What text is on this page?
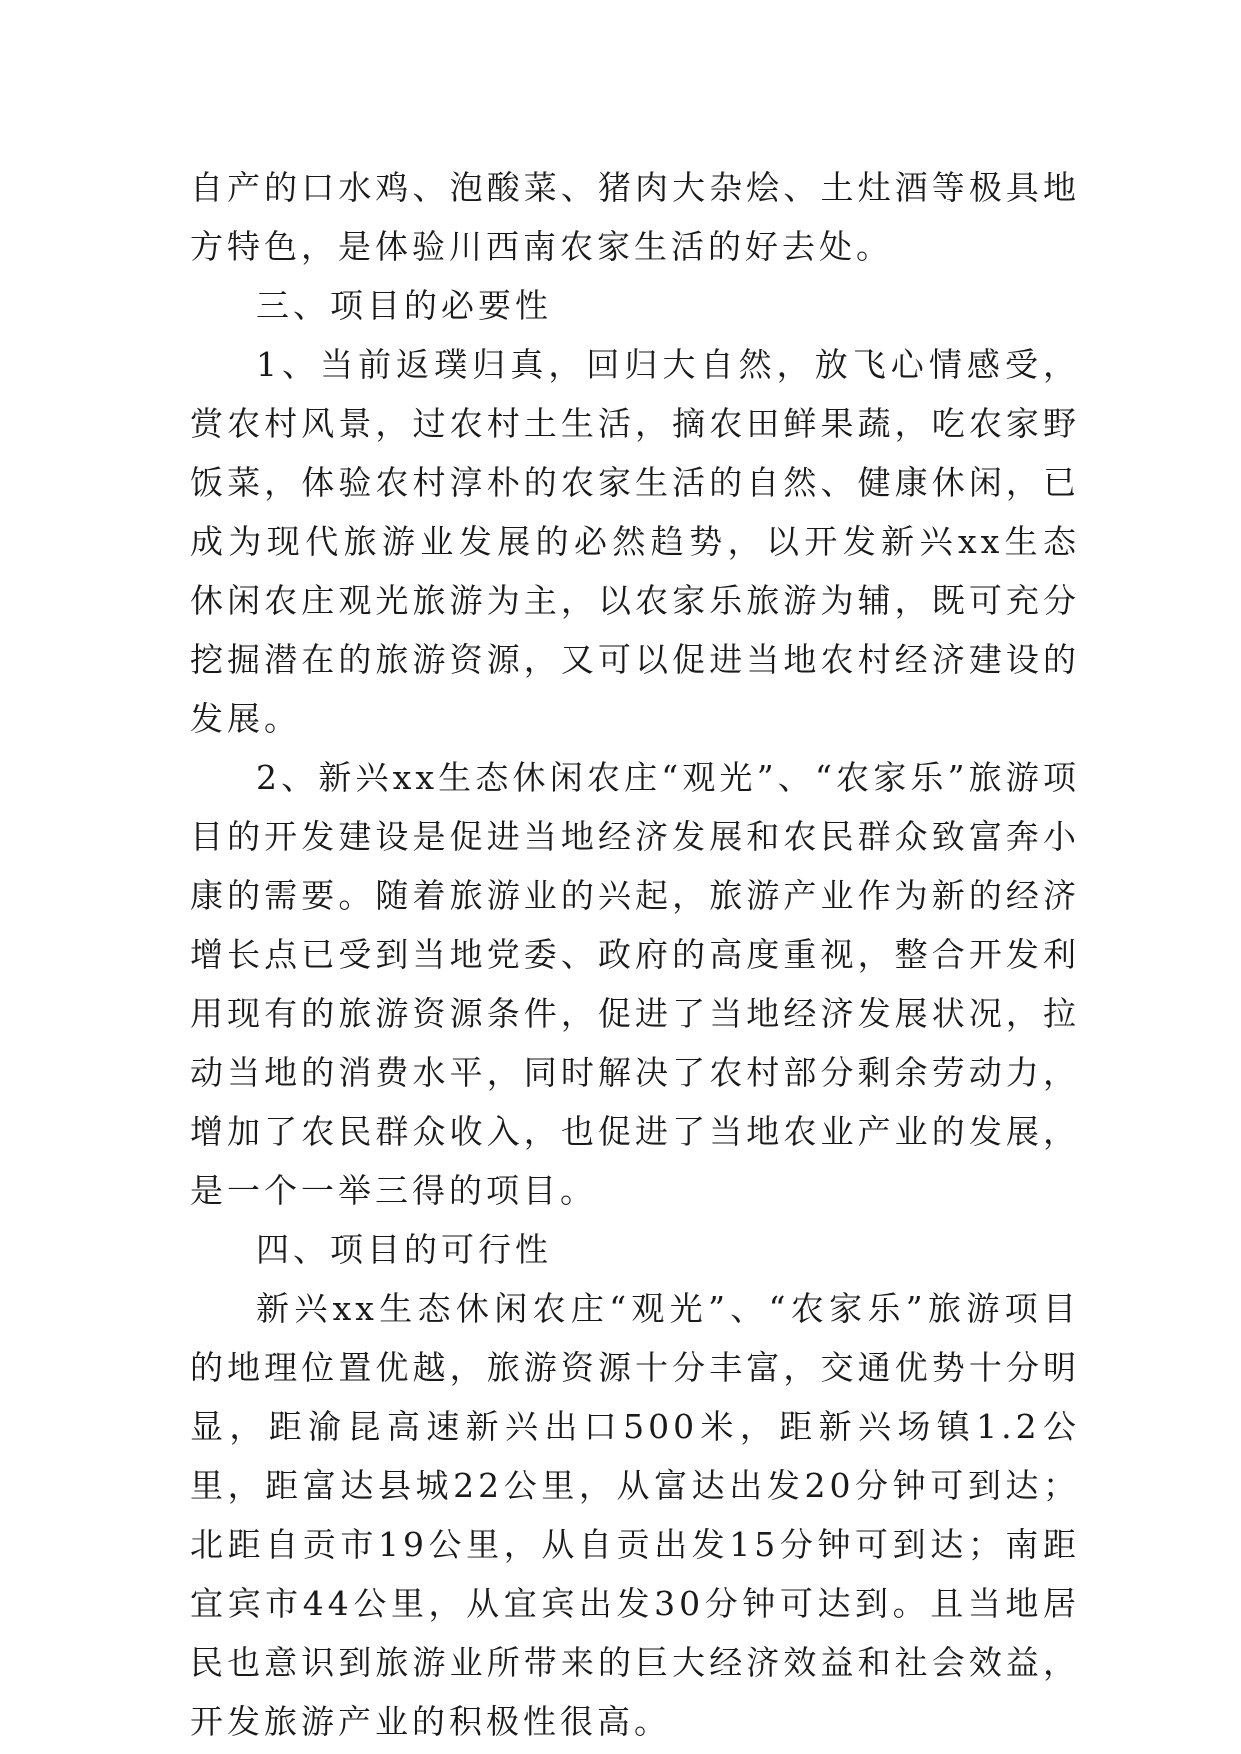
自产的口水鸡、泡酸菜、猪肉大杂烩、土灶酒等极具地方特色，是体验川西南农家生活的好去处。

三、项目的必要性

1、当前返璞归真，回归大自然，放飞心情感受，赏农村风景，过农村土生活，摘农田鲜果蔬，吃农家野饭菜，体验农村淳朴的农家生活的自然、健康休闲，已成为现代旅游业发展的必然趋势，以开发新兴xx生态休闲农庄观光旅游为主，以农家乐旅游为辅，既可充分挖掘潜在的旅游资源，又可以促进当地农村经济建设的发展。

2、新兴xx生态休闲农庄“观光”、“农家乐”旅游项目的开发建设是促进当地经济发展和农民群众致富奔小康的需要。随着旅游业的兴起，旅游产业作为新的经济增长点已受到当地党委、政府的高度重视，整合开发利用现有的旅游资源条件，促进了当地经济发展状况，拉动当地的消费水平，同时解决了农村部分剩余劳动力，增加了农民群众收入，也促进了当地农业产业的发展，是一个一举三得的项目。

四、项目的可行性

新兴xx生态休闲农庄“观光”、“农家乐”旅游项目的地理位置优越，旅游资源十分丰富，交通优势十分明显，距渝昆高速新兴出口500米，距新兴场镇1.2公里，距富达县城22公里，从富达出发20分钟可到达；北距自贡市19公里，从自贡出发15分钟可到达；南距宜宾市44公里，从宜宾出发30分钟可达到。且当地居民也意识到旅游业所带来的巨大经济效益和社会效益，开发旅游产业的积极性很高。
